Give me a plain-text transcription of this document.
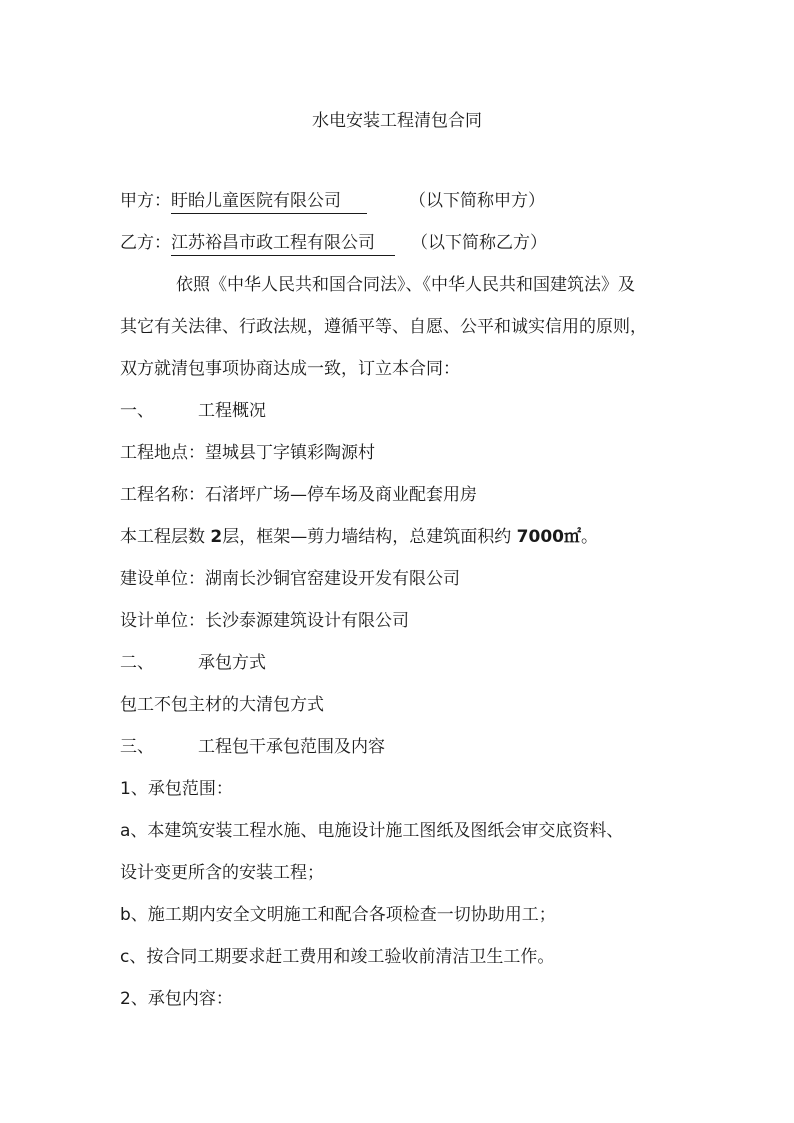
水电安装工程清包合同
甲方：盱眙儿童医院有限公司	（以下简称甲方）
乙方：江苏裕昌市政工程有限公司 （以下简称乙方）
依照《中华人民共和国合同法》、《中华人民共和国建筑法》及
其它有关法律、行政法规，遵循平等、自愿、公平和诚实信用的原则，
双方就清包事项协商达成一致，订立本合同：
一、	工程概况
工程地点：望城县丁字镇彩陶源村
工程名称：石渚坪广场—停车场及商业配套用房
本工程层数 2层，框架—剪力墙结构，总建筑面积约 7000㎡。
建设单位：湖南长沙铜官窑建设开发有限公司
设计单位：长沙泰源建筑设计有限公司
二、	承包方式
包工不包主材的大清包方式
三、	工程包干承包范围及内容
1、承包范围：
a、本建筑安装工程水施、电施设计施工图纸及图纸会审交底资料、
设计变更所含的安装工程；
b、施工期内安全文明施工和配合各项检查一切协助用工；
c、按合同工期要求赶工费用和竣工验收前清洁卫生工作。
2、承包内容：
